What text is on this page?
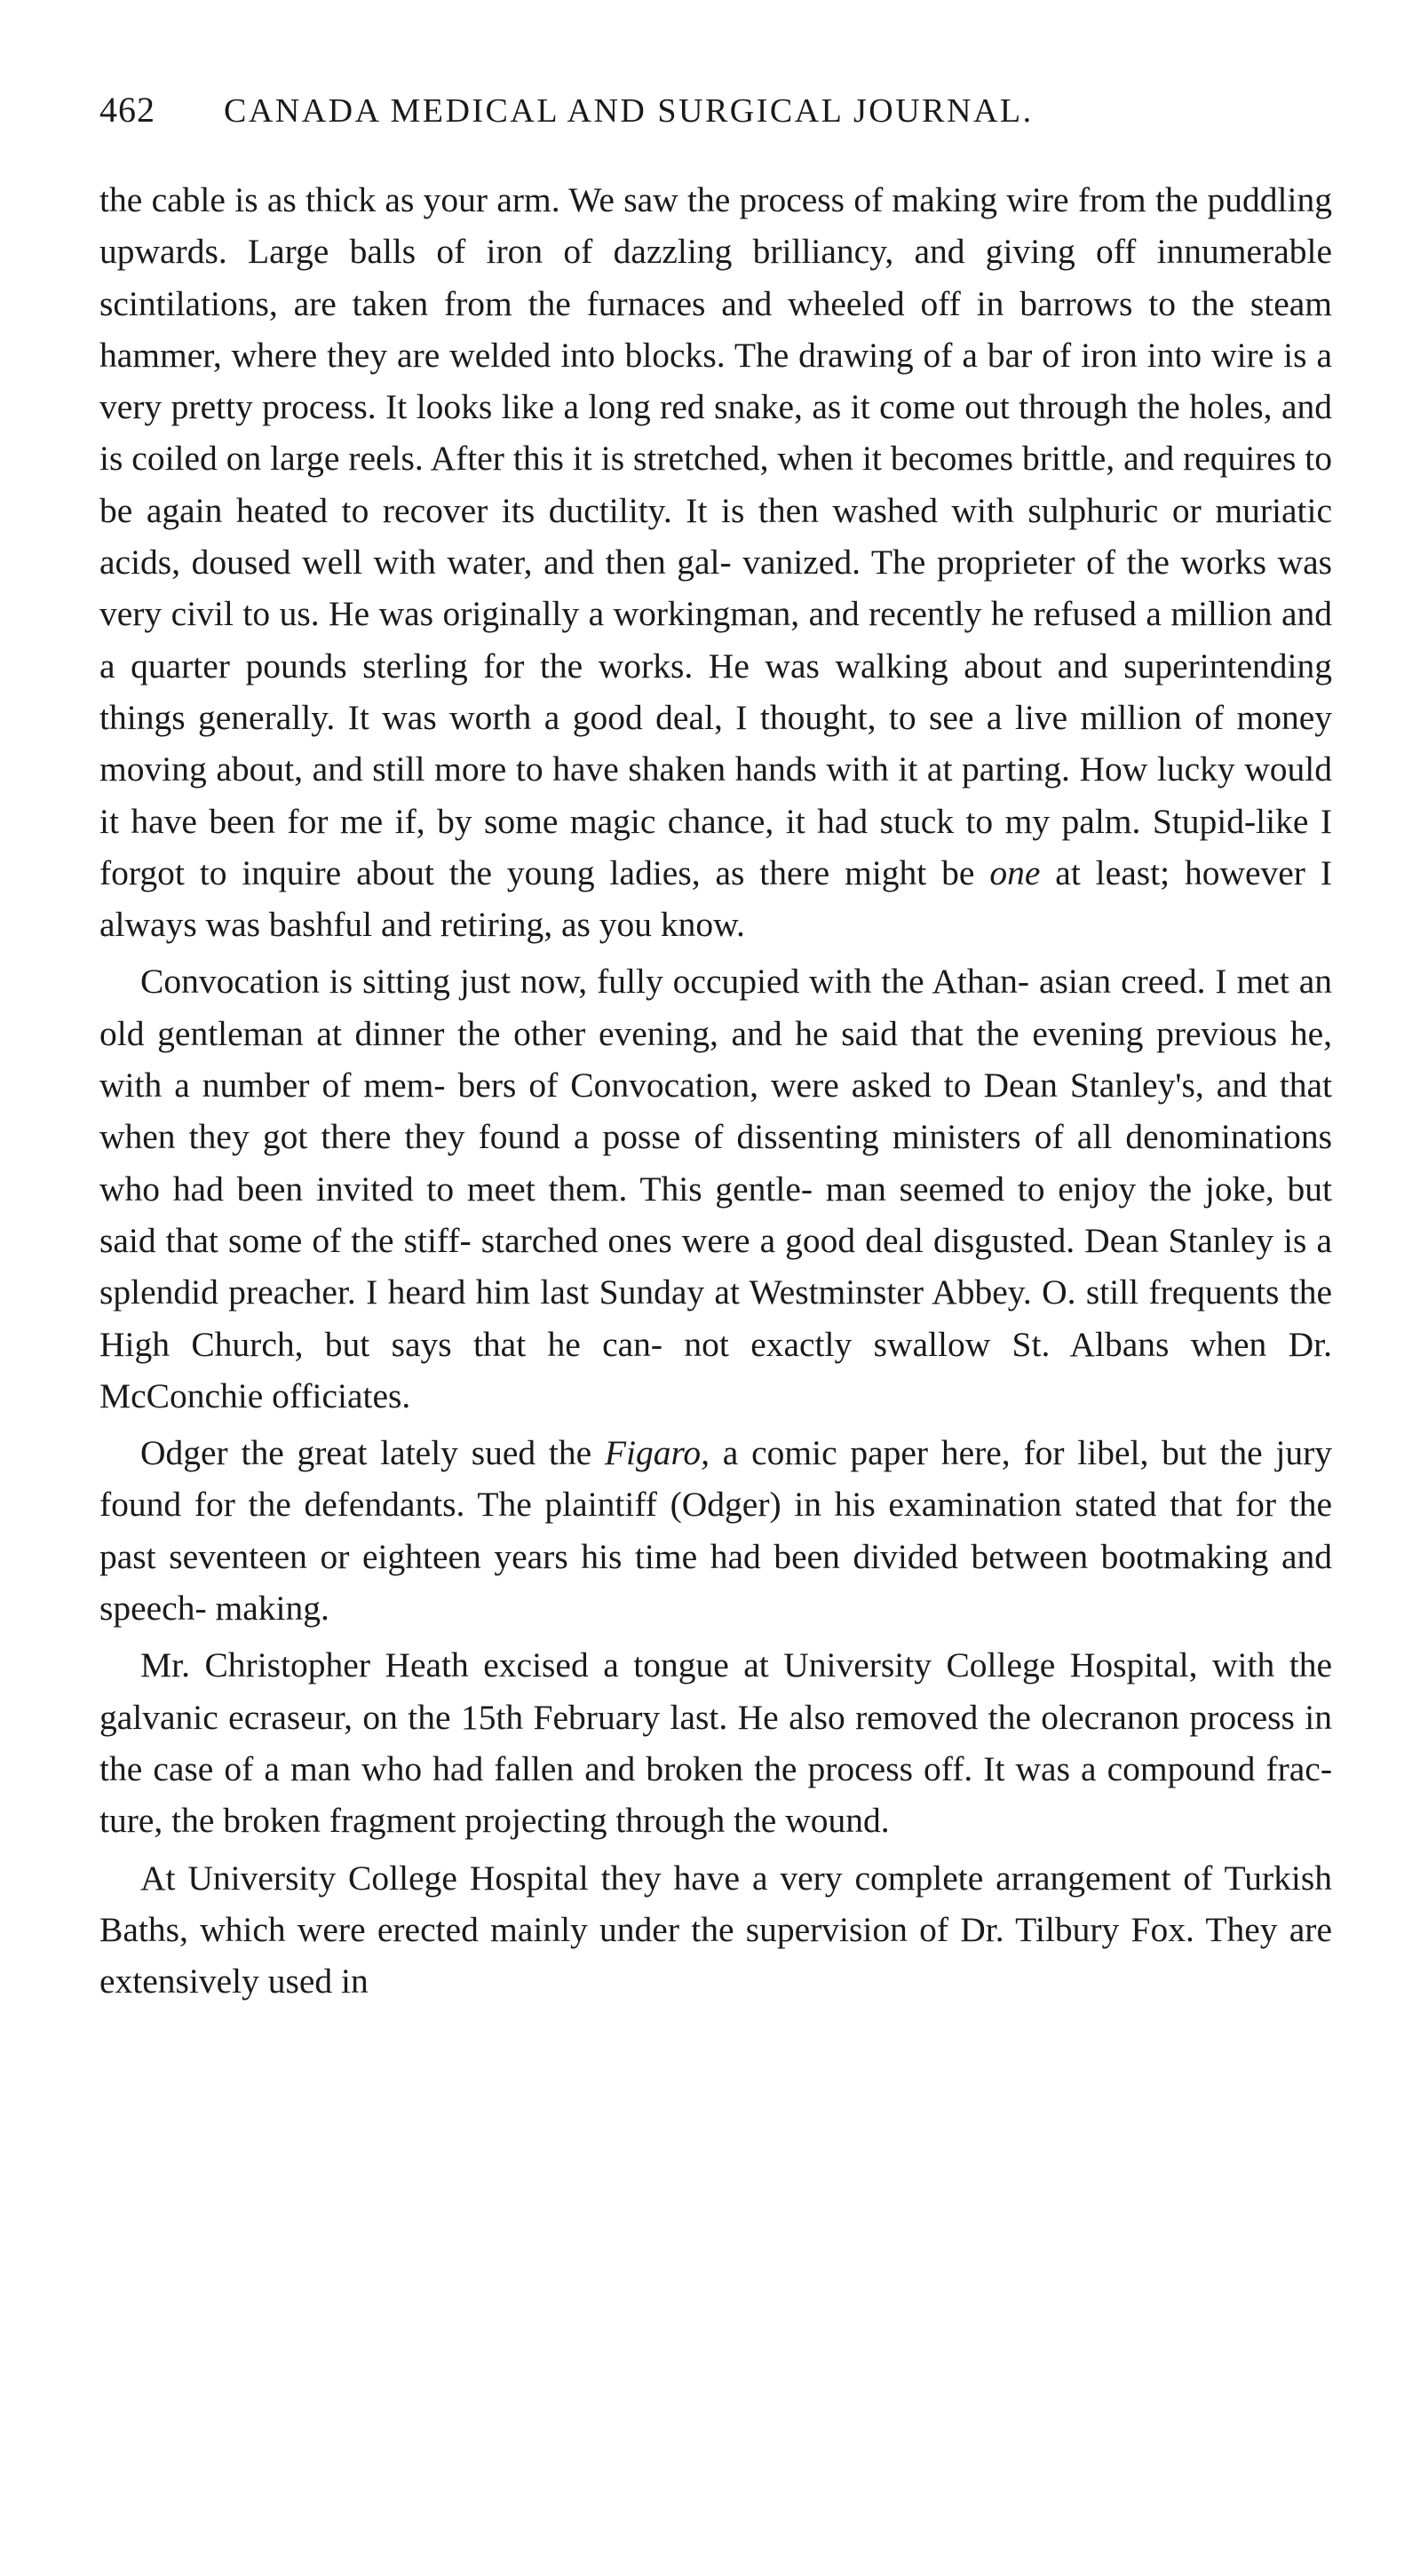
462	CANADA MEDICAL AND SURGICAL JOURNAL.

the cable is as thick as your arm. We saw the process of making wire from the puddling upwards. Large balls of iron of dazzling brilliancy, and giving off innumerable scintilations, are taken from the furnaces and wheeled off in barrows to the steam hammer, where they are welded into blocks. The drawing of a bar of iron into wire is a very pretty process. It looks like a long red snake, as it come out through the holes, and is coiled on large reels. After this it is stretched, when it becomes brittle, and requires to be again heated to recover its ductility. It is then washed with sulphuric or muriatic acids, doused well with water, and then gal- vanized. The proprieter of the works was very civil to us. He was originally a workingman, and recently he refused a million and a quarter pounds sterling for the works. He was walking about and superintending things generally. It was worth a good deal, I thought, to see a live million of money moving about, and still more to have shaken hands with it at parting. How lucky would it have been for me if, by some magic chance, it had stuck to my palm. Stupid-like I forgot to inquire about the young ladies, as there might be one at least; however I always was bashful and retiring, as you know.

Convocation is sitting just now, fully occupied with the Athan- asian creed. I met an old gentleman at dinner the other evening, and he said that the evening previous he, with a number of mem- bers of Convocation, were asked to Dean Stanley's, and that when they got there they found a posse of dissenting ministers of all denominations who had been invited to meet them. This gentle- man seemed to enjoy the joke, but said that some of the stiff- starched ones were a good deal disgusted. Dean Stanley is a splendid preacher. I heard him last Sunday at Westminster Abbey. O. still frequents the High Church, but says that he can- not exactly swallow St. Albans when Dr. McConchie officiates.

Odger the great lately sued the Figaro, a comic paper here, for libel, but the jury found for the defendants. The plaintiff (Odger) in his examination stated that for the past seventeen or eighteen years his time had been divided between bootmaking and speech- making.

Mr. Christopher Heath excised a tongue at University College Hospital, with the galvanic ecraseur, on the 15th February last. He also removed the olecranon process in the case of a man who had fallen and broken the process off. It was a compound frac- ture, the broken fragment projecting through the wound.

At University College Hospital they have a very complete arrangement of Turkish Baths, which were erected mainly under the supervision of Dr. Tilbury Fox. They are extensively used in
